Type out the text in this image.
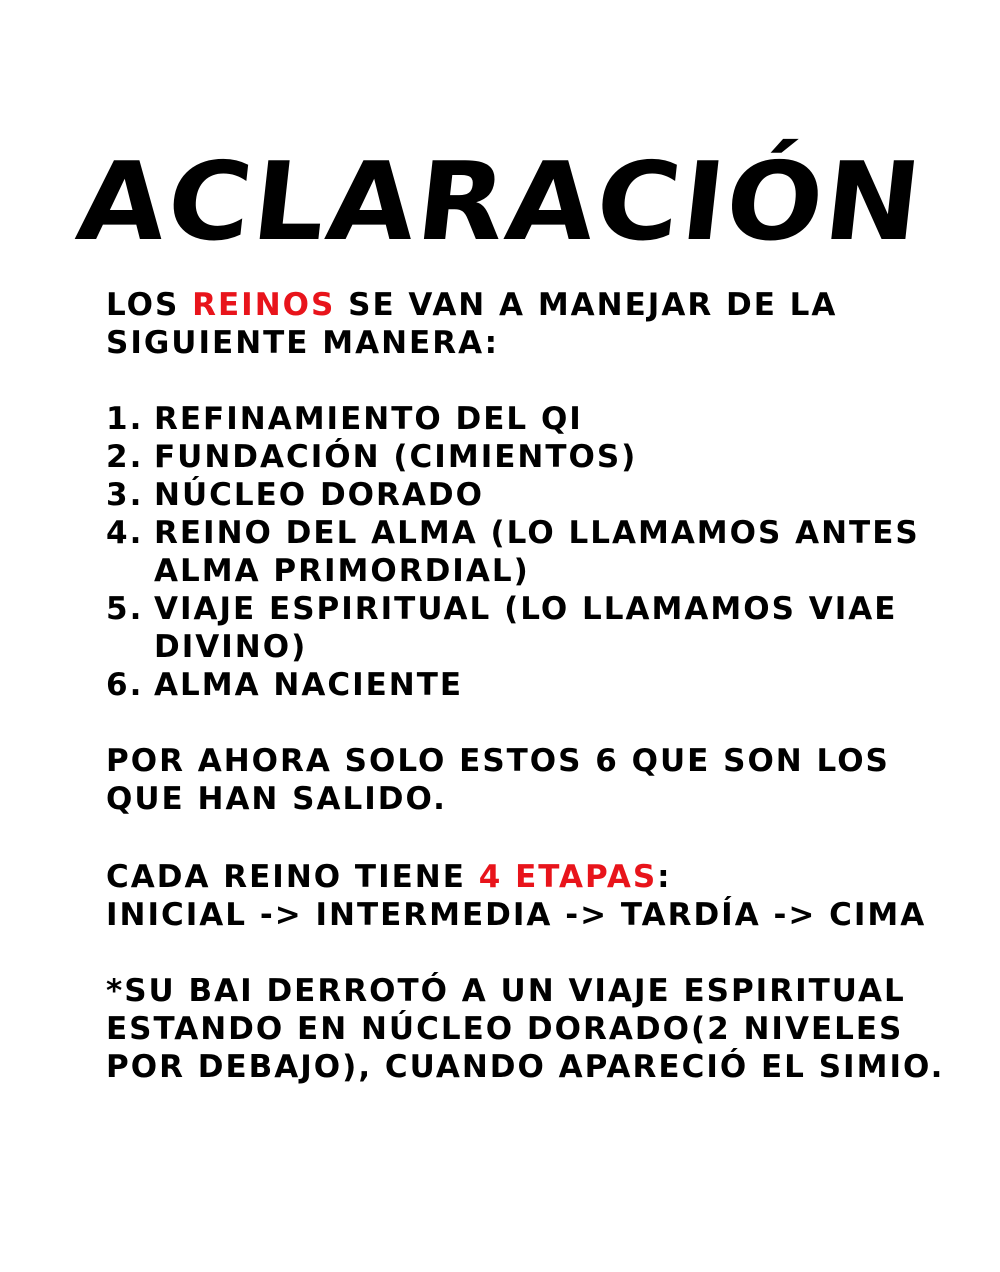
ACLARACIÓN
LOS REINOS SE VAN A MANEJAR DE LA
SIGUIENTE MANERA:
1. REFINAMIENTO DEL QI
2. FUNDACIÓN (CIMIENTOS)
3. NÚCLEO DORADO
4. REINO DEL ALMA (LO LLAMAMOS ANTES
ALMA PRIMORDIAL)
5. VIAJE ESPIRITUAL (LO LLAMAMOS VIAE
DIVINO)
6. ALMA NACIENTE
POR AHORA SOLO ESTOS 6 QUE SON LOS
QUE HAN SALIDO.
CADA REINO TIENE 4 ETAPAS:
INICIAL -> INTERMEDIA -> TARDÍA -> CIMA
*SU BAI DERROTÓ A UN VIAJE ESPIRITUAL
ESTANDO EN NÚCLEO DORADO(2 NIVELES
POR DEBAJO), CUANDO APARECIÓ EL SIMIO.
